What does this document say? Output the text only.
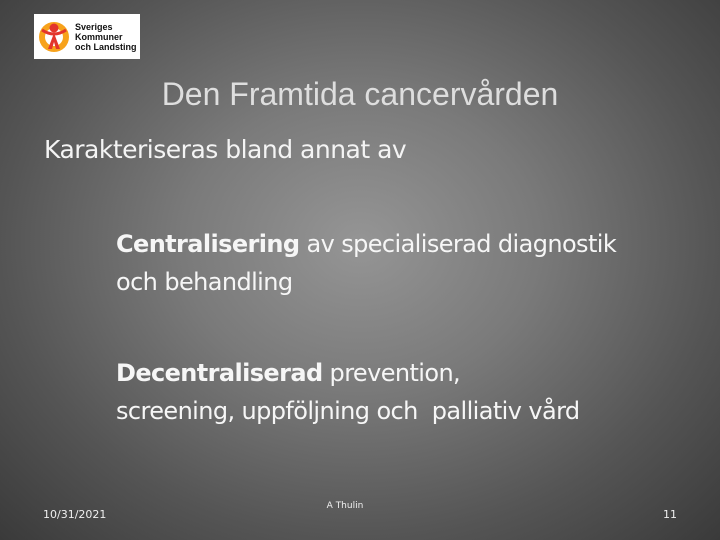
Sveriges
Kommuner
och Landsting
Den Framtida cancervården
Karakteriseras bland annat av
Centralisering av specialiserad diagnostik
och behandling
Decentraliserad prevention,
screening, uppföljning och  palliativ vård
10/31/2021
A Thulin
11
